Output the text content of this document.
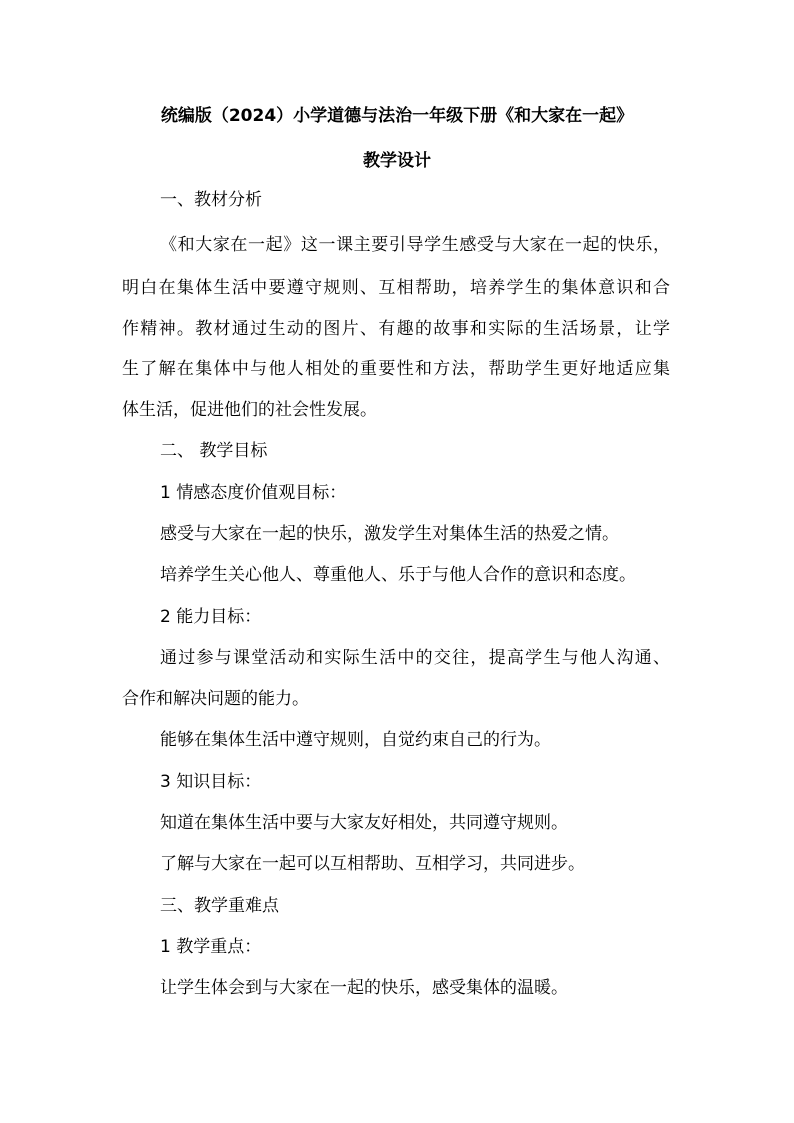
统编版（2024）小学道德与法治一年级下册《和大家在一起》
教学设计
一、教材分析
《和大家在一起》这一课主要引导学生感受与大家在一起的快乐，
明白在集体生活中要遵守规则、互相帮助，培养学生的集体意识和合
作精神。教材通过生动的图片、有趣的故事和实际的生活场景，让学
生了解在集体中与他人相处的重要性和方法，帮助学生更好地适应集
体生活，促进他们的社会性发展。
二、 教学目标
1 情感态度价值观目标：
感受与大家在一起的快乐，激发学生对集体生活的热爱之情。
培养学生关心他人、尊重他人、乐于与他人合作的意识和态度。
2 能力目标：
通过参与课堂活动和实际生活中的交往，提高学生与他人沟通、
合作和解决问题的能力。
能够在集体生活中遵守规则，自觉约束自己的行为。
3 知识目标：
知道在集体生活中要与大家友好相处，共同遵守规则。
了解与大家在一起可以互相帮助、互相学习，共同进步。
三、教学重难点
1 教学重点：
让学生体会到与大家在一起的快乐，感受集体的温暖。
